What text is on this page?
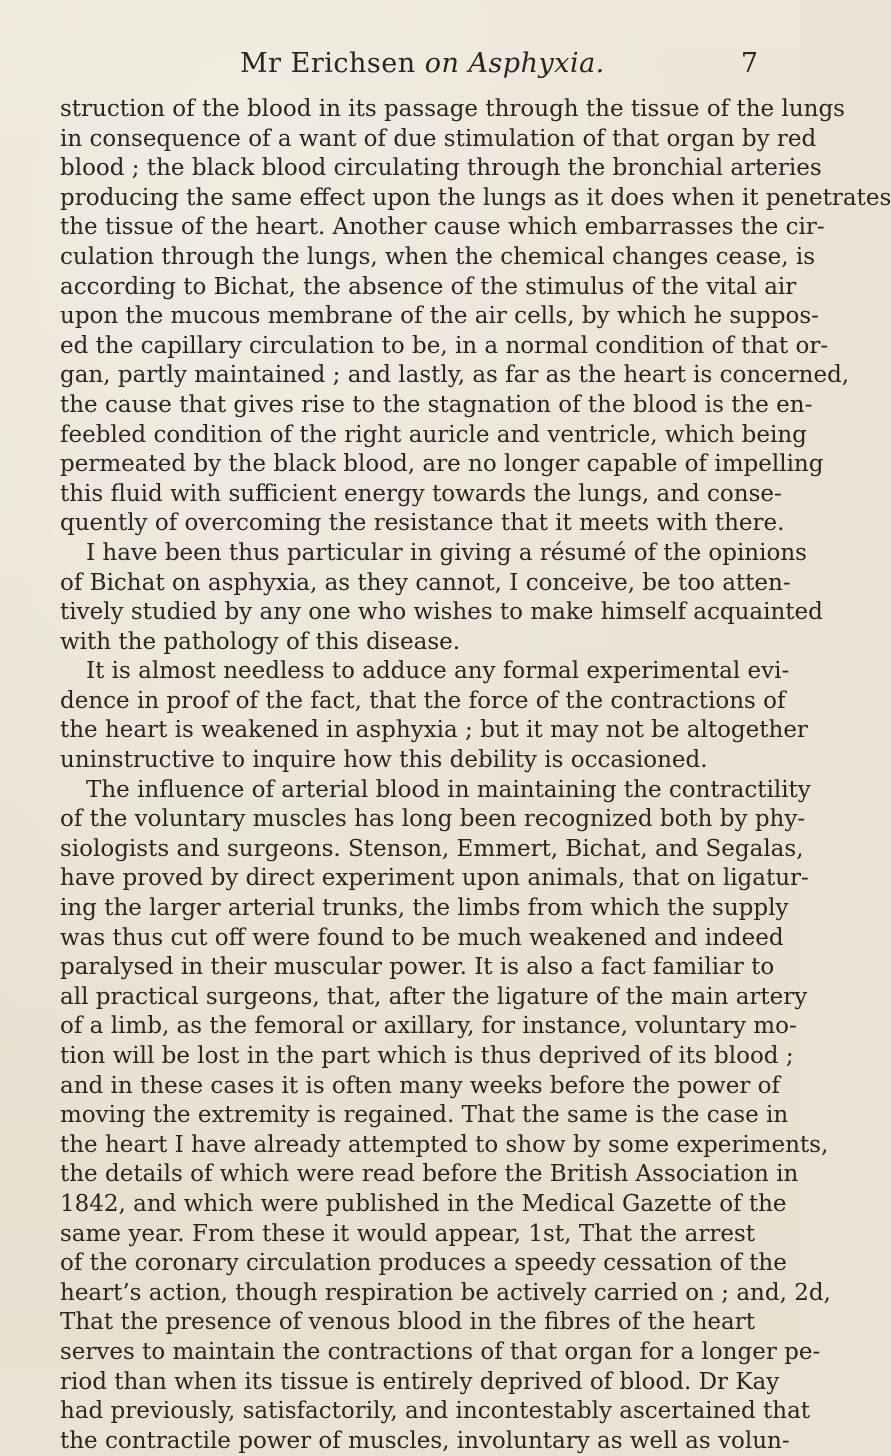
Mr Erichsen on Asphyxia.	7
struction of the blood in its passage through the tissue of the lungs
in consequence of a want of due stimulation of that organ by red
blood ; the black blood circulating through the bronchial arteries
producing the same effect upon the lungs as it does when it penetrates
the tissue of the heart. Another cause which embarrasses the cir-
culation through the lungs, when the chemical changes cease, is
according to Bichat, the absence of the stimulus of the vital air
upon the mucous membrane of the air cells, by which he suppos-
ed the capillary circulation to be, in a normal condition of that or-
gan, partly maintained ; and lastly, as far as the heart is concerned,
the cause that gives rise to the stagnation of the blood is the en-
feebled condition of the right auricle and ventricle, which being
permeated by the black blood, are no longer capable of impelling
this fluid with sufficient energy towards the lungs, and conse-
quently of overcoming the resistance that it meets with there.
I have been thus particular in giving a résumé of the opinions
of Bichat on asphyxia, as they cannot, I conceive, be too atten-
tively studied by any one who wishes to make himself acquainted
with the pathology of this disease.
It is almost needless to adduce any formal experimental evi-
dence in proof of the fact, that the force of the contractions of
the heart is weakened in asphyxia ; but it may not be altogether
uninstructive to inquire how this debility is occasioned.
The influence of arterial blood in maintaining the contractility
of the voluntary muscles has long been recognized both by phy-
siologists and surgeons. Stenson, Emmert, Bichat, and Segalas,
have proved by direct experiment upon animals, that on ligatur-
ing the larger arterial trunks, the limbs from which the supply
was thus cut off were found to be much weakened and indeed
paralysed in their muscular power. It is also a fact familiar to
all practical surgeons, that, after the ligature of the main artery
of a limb, as the femoral or axillary, for instance, voluntary mo-
tion will be lost in the part which is thus deprived of its blood ;
and in these cases it is often many weeks before the power of
moving the extremity is regained. That the same is the case in
the heart I have already attempted to show by some experiments,
the details of which were read before the British Association in
1842, and which were published in the Medical Gazette of the
same year. From these it would appear, 1st, That the arrest
of the coronary circulation produces a speedy cessation of the
heart’s action, though respiration be actively carried on ; and, 2d,
That the presence of venous blood in the fibres of the heart
serves to maintain the contractions of that organ for a longer pe-
riod than when its tissue is entirely deprived of blood. Dr Kay
had previously, satisfactorily, and incontestably ascertained that
the contractile power of muscles, involuntary as well as volun-
